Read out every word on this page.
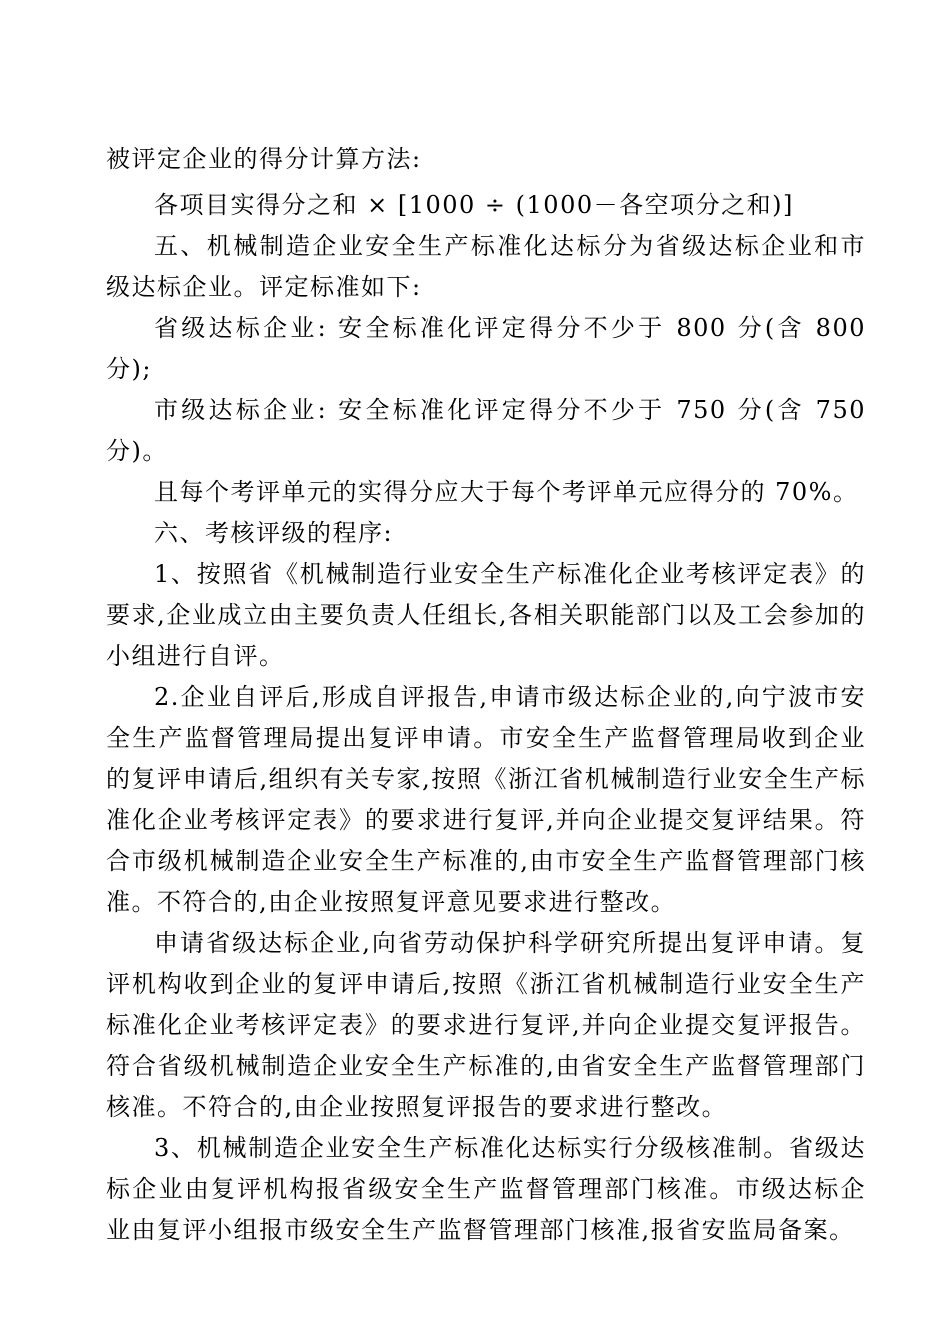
被评定企业的得分计算方法:

各项目实得分之和 × [1000 ÷ (1000－各空项分之和)]

五、机械制造企业安全生产标准化达标分为省级达标企业和市级达标企业。评定标准如下:

省级达标企业: 安全标准化评定得分不少于 800 分(含 800 分);

市级达标企业: 安全标准化评定得分不少于 750 分(含 750 分)。

且每个考评单元的实得分应大于每个考评单元应得分的 70%。

六、考核评级的程序:

1、按照省《机械制造行业安全生产标准化企业考核评定表》的要求,企业成立由主要负责人任组长,各相关职能部门以及工会参加的小组进行自评。

2.企业自评后,形成自评报告,申请市级达标企业的,向宁波市安全生产监督管理局提出复评申请。市安全生产监督管理局收到企业的复评申请后,组织有关专家,按照《浙江省机械制造行业安全生产标准化企业考核评定表》的要求进行复评,并向企业提交复评结果。符合市级机械制造企业安全生产标准的,由市安全生产监督管理部门核准。不符合的,由企业按照复评意见要求进行整改。

申请省级达标企业,向省劳动保护科学研究所提出复评申请。复评机构收到企业的复评申请后,按照《浙江省机械制造行业安全生产标准化企业考核评定表》的要求进行复评,并向企业提交复评报告。符合省级机械制造企业安全生产标准的,由省安全生产监督管理部门核准。不符合的,由企业按照复评报告的要求进行整改。

3、机械制造企业安全生产标准化达标实行分级核准制。省级达标企业由复评机构报省级安全生产监督管理部门核准。市级达标企业由复评小组报市级安全生产监督管理部门核准,报省安监局备案。
